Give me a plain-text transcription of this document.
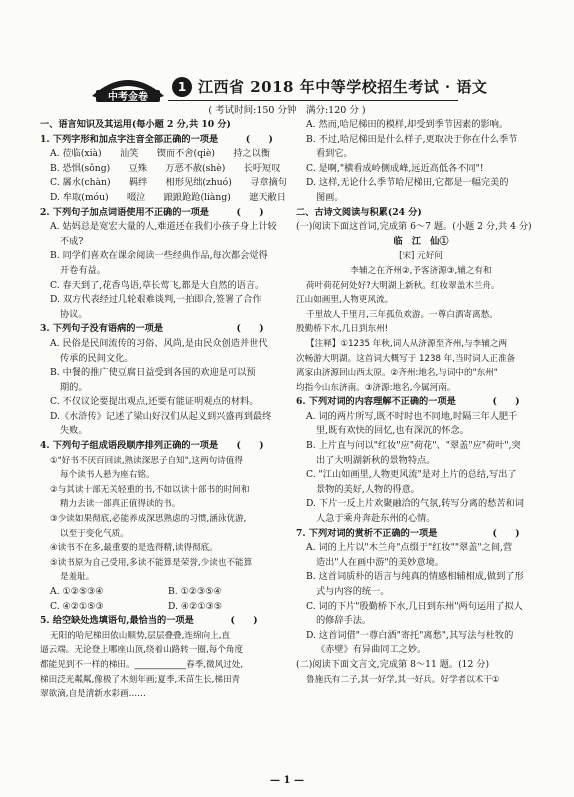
中考金卷
1 江西省 2018 年中等学校招生考试 · 语文
( 考试时间:150 分钟　满分:120 分 )
一、语言知识及其运用(每小题 2 分,共 10 分)
1. 下列字形和加点字注音全部正确的一项是　　　(　　)
A. 莅临(xià)　　汕笑　　锲而不舍(qiè)　　持之以衡
B. 恐惧(sǒng)　　豆殊　　万恶不赦(shè)　　长吁短叹
C. 羼水(chàn)　　羁绊　　相形见绌(zhuó)　　寻章摘句
D. 牟取(móu)　　啜泣　　踉踉跄跄(liàng)　　遮天敝日
2. 下列句子加点词语使用不正确的一项是　　　(　　)
A. 姑妈总是宽宏大量的人,难道还在我们小孩子身上计较
不成?
B. 同学们喜欢在课余阅读一些经典作品,每次都会觉得
开卷有益。
C. 春天到了,花香鸟语,草长莺飞,都是大自然的语言。
D. 双方代表经过几轮艰难谈判,一拍即合,签署了合作
协议。
3. 下列句子没有语病的一项是　　　　　　　　(　　)
A. 民俗是民间流传的习俗、风尚,是由民众创造并世代
传承的民间文化。
B. 中餐的推广使豆腐日益受到各国的欢迎是可以预
期的。
C. 不仅议论要提出观点,还要有能证明观点的材料。
D.《水浒传》记述了梁山好汉们从起义到兴盛再到最终
失败。
4. 下列句子组成语段顺序排列正确的一项是　　(　　)
①"好书不厌百回读,熟读深思子自知",这两句诗值得
每个读书人悬为座右铭。
②与其读十部无关轻重的书,不如以读十部书的时间和
精力去读一部真正值得读的书。
③少读如果彻底,必能养成深思熟虑的习惯,涵泳优游,
以至于变化气质。
④读书不在多,最重要的是选得精,读得彻底。
⑤读书原为自己受用,多读不能算是荣誉,少读也不能算
是羞耻。
A. ①②⑤③④　　　　　　　B. ①②③⑤④
C. ④②①⑤③　　　　　　　D. ④②①③⑤
5. 给空缺处选填语句,最恰当的一项是　　　　(　　)
无阳的哈尼梯田依山顺势,层层叠叠,连绵向上,直
逼云端。无论登上哪座山顶,绕着山路转一圈,每个角度
都能见到不一样的梯田。____________春季,微风过处,
梯田泛光粼粼,像极了木刻年画;夏季,禾苗生长,梯田青
翠欲滴,自是清新水彩画……
A. 然而,哈尼梯田的模样,却受到季节因素的影响。
B. 不过,哈尼梯田是什么样子,更取决于你在什么季节
看到它。
C. 是啊,"横看成岭侧成峰,远近高低各不同"!
D. 这样,无论什么季节哈尼梯田,它都是一幅完美的
图画。
二、古诗文阅读与积累(24 分)
(一)阅读下面这首词,完成第 6～7 题。(小题 2 分,共 4 分)
临　江　仙①
[宋] 元好问
李辅之在齐州②,予客济源③,辅之有和
荷叶荷花何处好?大明湖上新秋。红妆翠盖木兰舟。
江山如画里,人物更风流。
千里故人千里月,三年孤负欢游。一尊白酒寄离愁。
殷勤桥下水,几日到东州!
【注释】①1235 年秋,词人从济源至齐州,与李辅之两
次畅游大明湖。这首词大概写于 1238 年,当时词人正准备
离家由济源回山西太原。②齐州:地名,与词中的"东州"
均指今山东济南。③济源:地名,今属河南。
6. 下列对词的内容理解不正确的一项是　　　　(　　)
A. 词的两片所写,既不时时也不同地,时隔三年人肥千
里,既有欢快的回忆,也有深沉的怀念。
B. 上片直与问以"红妆"应"荷花"、"翠盖"应"荷叶",突
出了大明湖新秋的景物特点。
C. "江山如画里,人物更风流"是对上片的总结,写出了
景物的美好,人物的得意。
D. 下片一反上片欢聚融洽的气氛,转写分离的愁苦和词
人急于乘舟奔赴东州的心情。
7. 下列对词的赏析不正确的一项是　　　　　　(　　)
A. 词的上片以"木兰舟"点缀于"红妆""翠盖"之间,营
造出"人在画中游"的美妙意境。
B. 这首词质朴的语言与纯真的情感相辅相成,做到了形
式与内容的统一。
C. 词的下片"殷勤桥下水,几日到东州"两句运用了拟人
的修辞手法。
D. 这首词借"一尊白酒"寄托"离愁",其写法与杜牧的
《赤壁》有异曲同工之妙。
(二)阅读下面文言文,完成第 8～11 题。(12 分)
鲁施氏有二子,其一好学,其一好兵。好学者以术干①
— 1 —
